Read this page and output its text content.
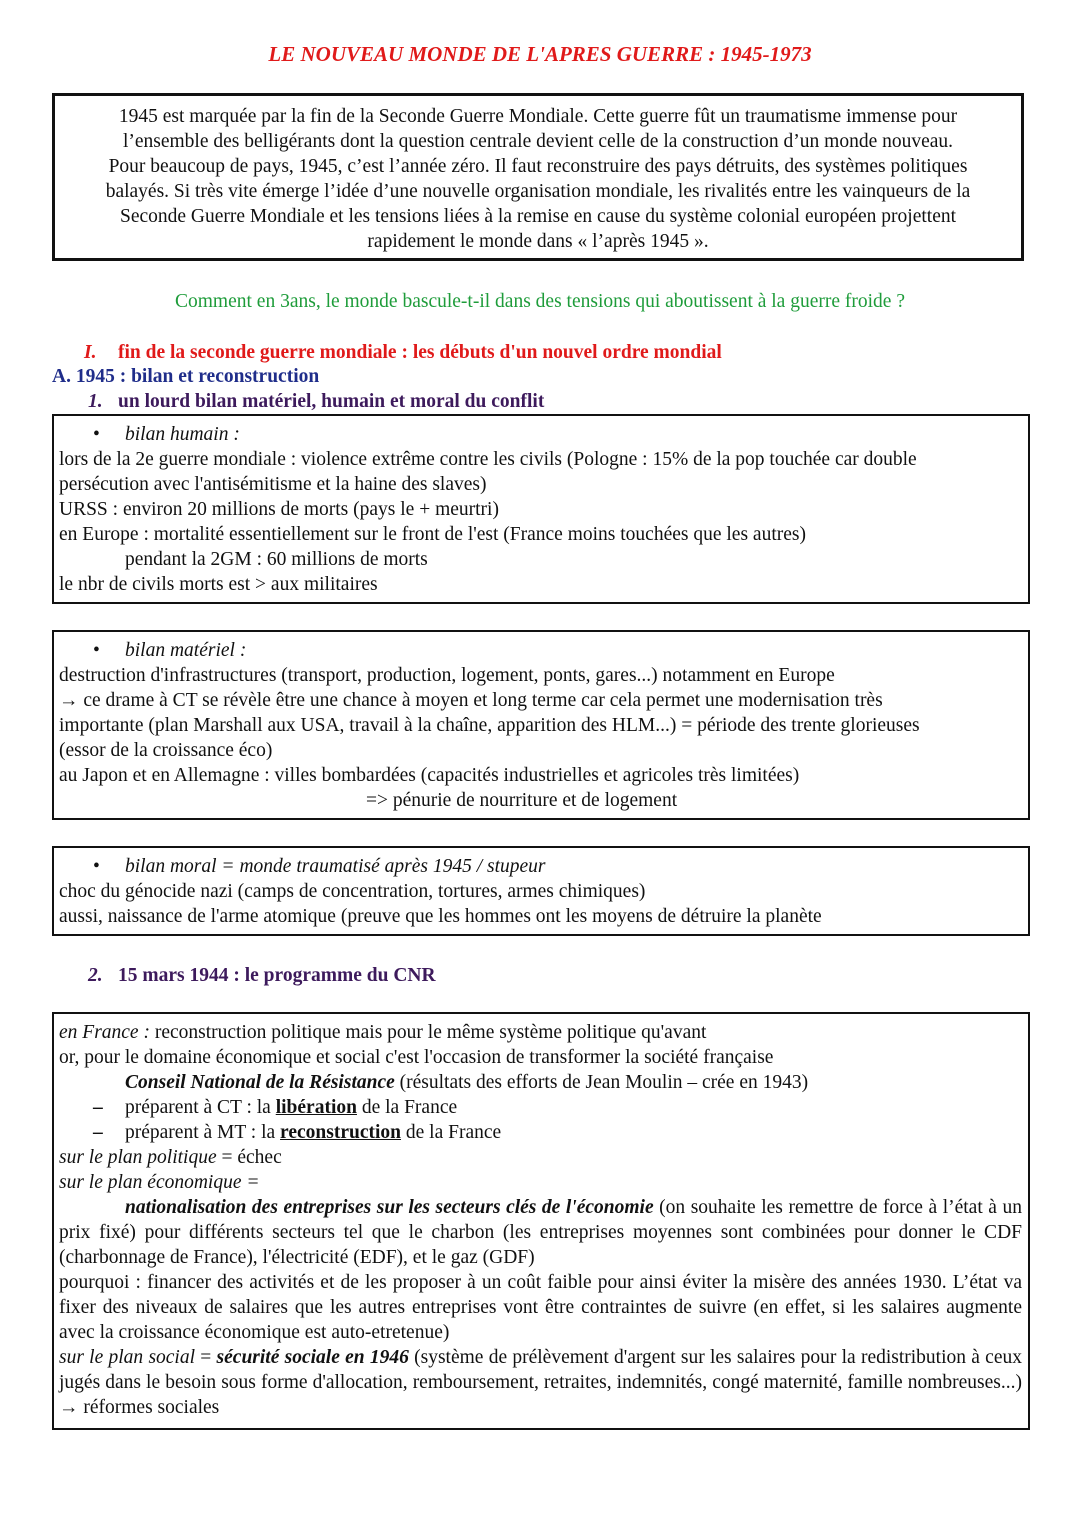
LE NOUVEAU MONDE DE L'APRES GUERRE : 1945-1973
1945 est marquée par la fin de la Seconde Guerre Mondiale. Cette guerre fût un traumatisme immense pour
l’ensemble des belligérants dont la question centrale devient celle de la construction d’un monde nouveau.
Pour beaucoup de pays, 1945, c’est l’année zéro. Il faut reconstruire des pays détruits, des systèmes politiques
balayés. Si très vite émerge l’idée d’une nouvelle organisation mondiale, les rivalités entre les vainqueurs de la
Seconde Guerre Mondiale et les tensions liées à la remise en cause du système colonial européen projettent
rapidement le monde dans « l’après 1945 ».
Comment en 3ans, le monde bascule-t-il dans des tensions qui aboutissent à la guerre froide ?
I. fin de la seconde guerre mondiale : les débuts d'un nouvel ordre mondial
A. 1945 : bilan et reconstruction
1. un lourd bilan matériel, humain et moral du conflit
• bilan humain :
lors de la 2e guerre mondiale : violence extrême contre les civils (Pologne : 15% de la pop touchée car double
persécution avec l'antisémitisme et la haine des slaves)
URSS : environ 20 millions de morts (pays le + meurtri)
en Europe : mortalité essentiellement sur le front de l'est (France moins touchées que les autres)
pendant la 2GM : 60 millions de morts
le nbr de civils morts est > aux militaires
• bilan matériel :
destruction d'infrastructures (transport, production, logement, ponts, gares...) notamment en Europe
→ ce drame à CT se révèle être une chance à moyen et long terme car cela permet une modernisation très
importante (plan Marshall aux USA, travail à la chaîne, apparition des HLM...) = période des trente glorieuses
(essor de la croissance éco)
au Japon et en Allemagne : villes bombardées (capacités industrielles et agricoles très limitées)
=> pénurie de nourriture et de logement
• bilan moral = monde traumatisé après 1945 / stupeur
choc du génocide nazi (camps de concentration, tortures, armes chimiques)
aussi, naissance de l'arme atomique (preuve que les hommes ont les moyens de détruire la planète
2. 15 mars 1944 : le programme du CNR
en France : reconstruction politique mais pour le même système politique qu'avant
or, pour le domaine économique et social c'est l'occasion de transformer la société française
Conseil National de la Résistance (résultats des efforts de Jean Moulin – crée en 1943)
– préparent à CT : la libération de la France
– préparent à MT : la reconstruction de la France
sur le plan politique = échec
sur le plan économique =
nationalisation des entreprises sur les secteurs clés de l'économie (on souhaite les remettre de force à l’état à un prix fixé) pour différents secteurs tel que le charbon (les entreprises moyennes sont combinées pour donner le CDF (charbonnage de France), l'électricité (EDF), et le gaz (GDF)
pourquoi : financer des activités et de les proposer à un coût faible pour ainsi éviter la misère des années 1930. L’état va fixer des niveaux de salaires que les autres entreprises vont être contraintes de suivre (en effet, si les salaires augmente avec la croissance économique est auto-etretenue)
sur le plan social = sécurité sociale en 1946 (système de prélèvement d'argent sur les salaires pour la redistribution à ceux jugés dans le besoin sous forme d'allocation, remboursement, retraites, indemnités, congé maternité, famille nombreuses...) → réformes sociales
